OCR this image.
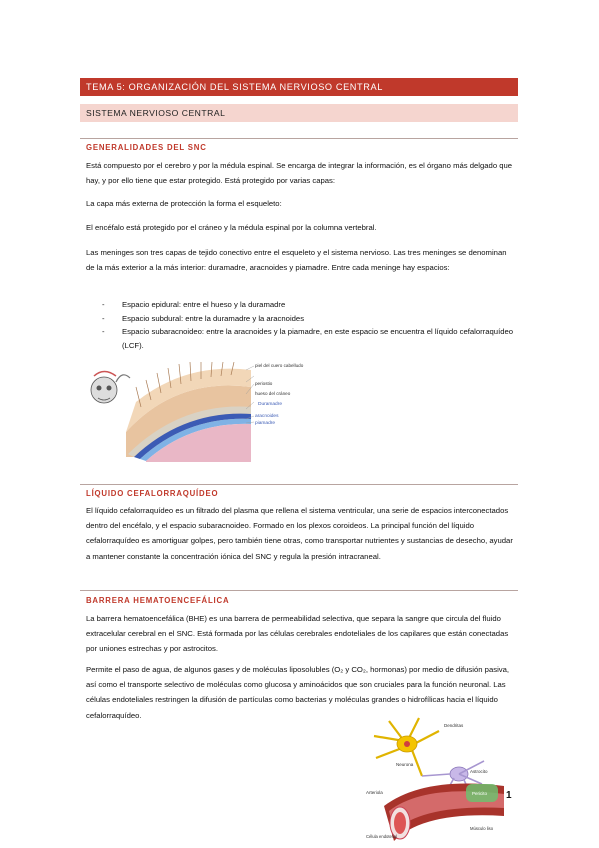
TEMA 5: ORGANIZACIÓN DEL SISTEMA NERVIOSO CENTRAL
SISTEMA NERVIOSO CENTRAL
GENERALIDADES DEL SNC
Está compuesto por el cerebro y por la médula espinal. Se encarga de integrar la información, es el órgano más delgado que hay, y por ello tiene que estar protegido. Está protegido por varias capas:
La capa más externa de protección la forma el esqueleto:
El encéfalo está protegido por el cráneo y la médula espinal por la columna vertebral.
Las meninges son tres capas de tejido conectivo entre el esqueleto y el sistema nervioso. Las tres meninges se denominan de la más exterior a la más interior: duramadre, aracnoides y piamadre. Entre cada meninge hay espacios:
- Espacio epidural: entre el hueso y la duramadre
- Espacio subdural: entre la duramadre y la aracnoides
- Espacio subaracnoideo: entre la aracnoides y la piamadre, en este espacio se encuentra el líquido cefalorraquídeo (LCF).
piel del cuero cabelludo
periostio
hueso del cráneo
Duramadre
aracnoides
piamadre
LÍQUIDO CEFALORRAQUÍDEO
El líquido cefalorraquídeo es un filtrado del plasma que rellena el sistema ventricular, una serie de espacios interconectados dentro del encéfalo, y el espacio subaracnoideo. Formado en los plexos coroideos. La principal función del líquido cefalorraquídeo es amortiguar golpes, pero también tiene otras, como transportar nutrientes y sustancias de desecho, ayudar a mantener constante la concentración iónica del SNC y regula la presión intracraneal.
BARRERA HEMATOENCEFÁLICA
La barrera hematoencefálica (BHE) es una barrera de permeabilidad selectiva, que separa la sangre que circula del fluido extracelular cerebral en el SNC. Está formada por las células cerebrales endoteliales de los capilares que están conectadas por uniones estrechas y por astrocitos.
Permite el paso de agua, de algunos gases y de moléculas liposolubles (O₂ y CO₂, hormonas) por medio de difusión pasiva, así como el transporte selectivo de moléculas como glucosa y aminoácidos que son cruciales para la función neuronal. Las células endoteliales restringen la difusión de partículas como bacterias y moléculas grandes o hidrofílicas hacia el líquido cefalorraquídeo.
Dendritas
Neurona
Astrocito
Pericito
Arteriola
Célula endotelial
Músculo liso
1
